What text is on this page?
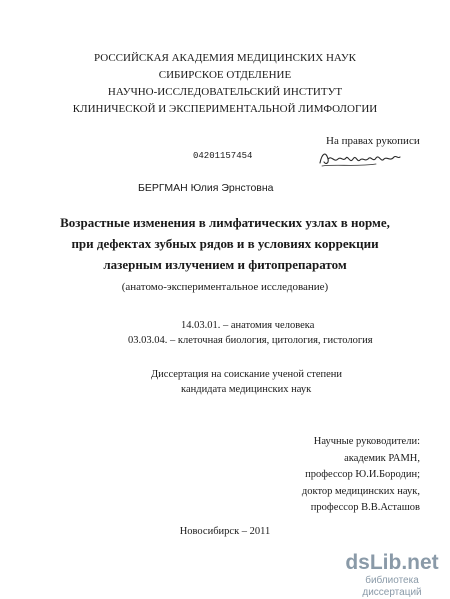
РОССИЙСКАЯ АКАДЕМИЯ МЕДИЦИНСКИХ НАУК
СИБИРСКОЕ ОТДЕЛЕНИЕ
НАУЧНО-ИССЛЕДОВАТЕЛЬСКИЙ ИНСТИТУТ
КЛИНИЧЕСКОЙ И ЭКСПЕРИМЕНТАЛЬНОЙ ЛИМФОЛОГИИ
На правах рукописи
04201157454
БЕРГМАН Юлия Эрнстовна
Возрастные изменения в лимфатических узлах в норме,
при дефектах зубных рядов и в условиях коррекции
лазерным излучением и фитопрепаратом
(анатомо-экспериментальное исследование)
14.03.01. – анатомия человека
03.03.04. – клеточная биология, цитология, гистология
Диссертация на соискание ученой степени
кандидата медицинских наук
Научные руководители:
академик РАМН,
профессор Ю.И.Бородин;
доктор медицинских наук,
профессор В.В.Асташов
Новосибирск – 2011
dsLib.net
библиотека диссертаций
